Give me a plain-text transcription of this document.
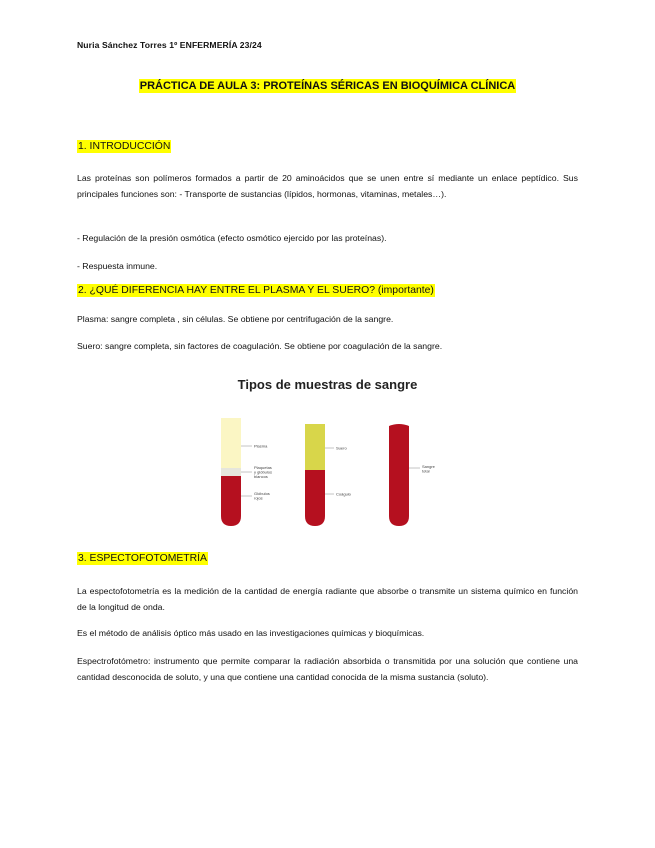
Nuria Sánchez Torres 1º ENFERMERÍA 23/24
PRÁCTICA DE AULA 3: PROTEÍNAS SÉRICAS EN BIOQUÍMICA CLÍNICA
1. INTRODUCCIÓN
Las proteínas son polímeros formados a partir de 20 aminoácidos que se unen entre sí mediante un enlace peptídico. Sus principales funciones son: - Transporte de sustancias (lípidos, hormonas, vitaminas, metales…).
- Regulación de la presión osmótica (efecto osmótico ejercido por las proteínas).
- Respuesta inmune.
2. ¿QUÉ DIFERENCIA HAY ENTRE EL PLASMA Y EL SUERO? (importante)
Plasma: sangre completa , sin células. Se obtiene por centrifugación de la sangre.
Suero: sangre completa, sin factores de coagulación. Se obtiene por coagulación de la sangre.
Tipos de muestras de sangre
Plasma
Plaquetas
y glóbulos
blancos
Glóbulos
rojos
Suero
Coágulo
Sangre
total
3. ESPECTOFOTOMETRÍA
La espectofotometría es la medición de la cantidad de energía radiante que absorbe o transmite un sistema químico en función de la longitud de onda.
Es el método de análisis óptico más usado en las investigaciones químicas y bioquímicas.
Espectrofotómetro: instrumento que permite comparar la radiación absorbida o transmitida por una solución que contiene una cantidad desconocida de soluto, y una que contiene una cantidad conocida de la misma sustancia (soluto).
